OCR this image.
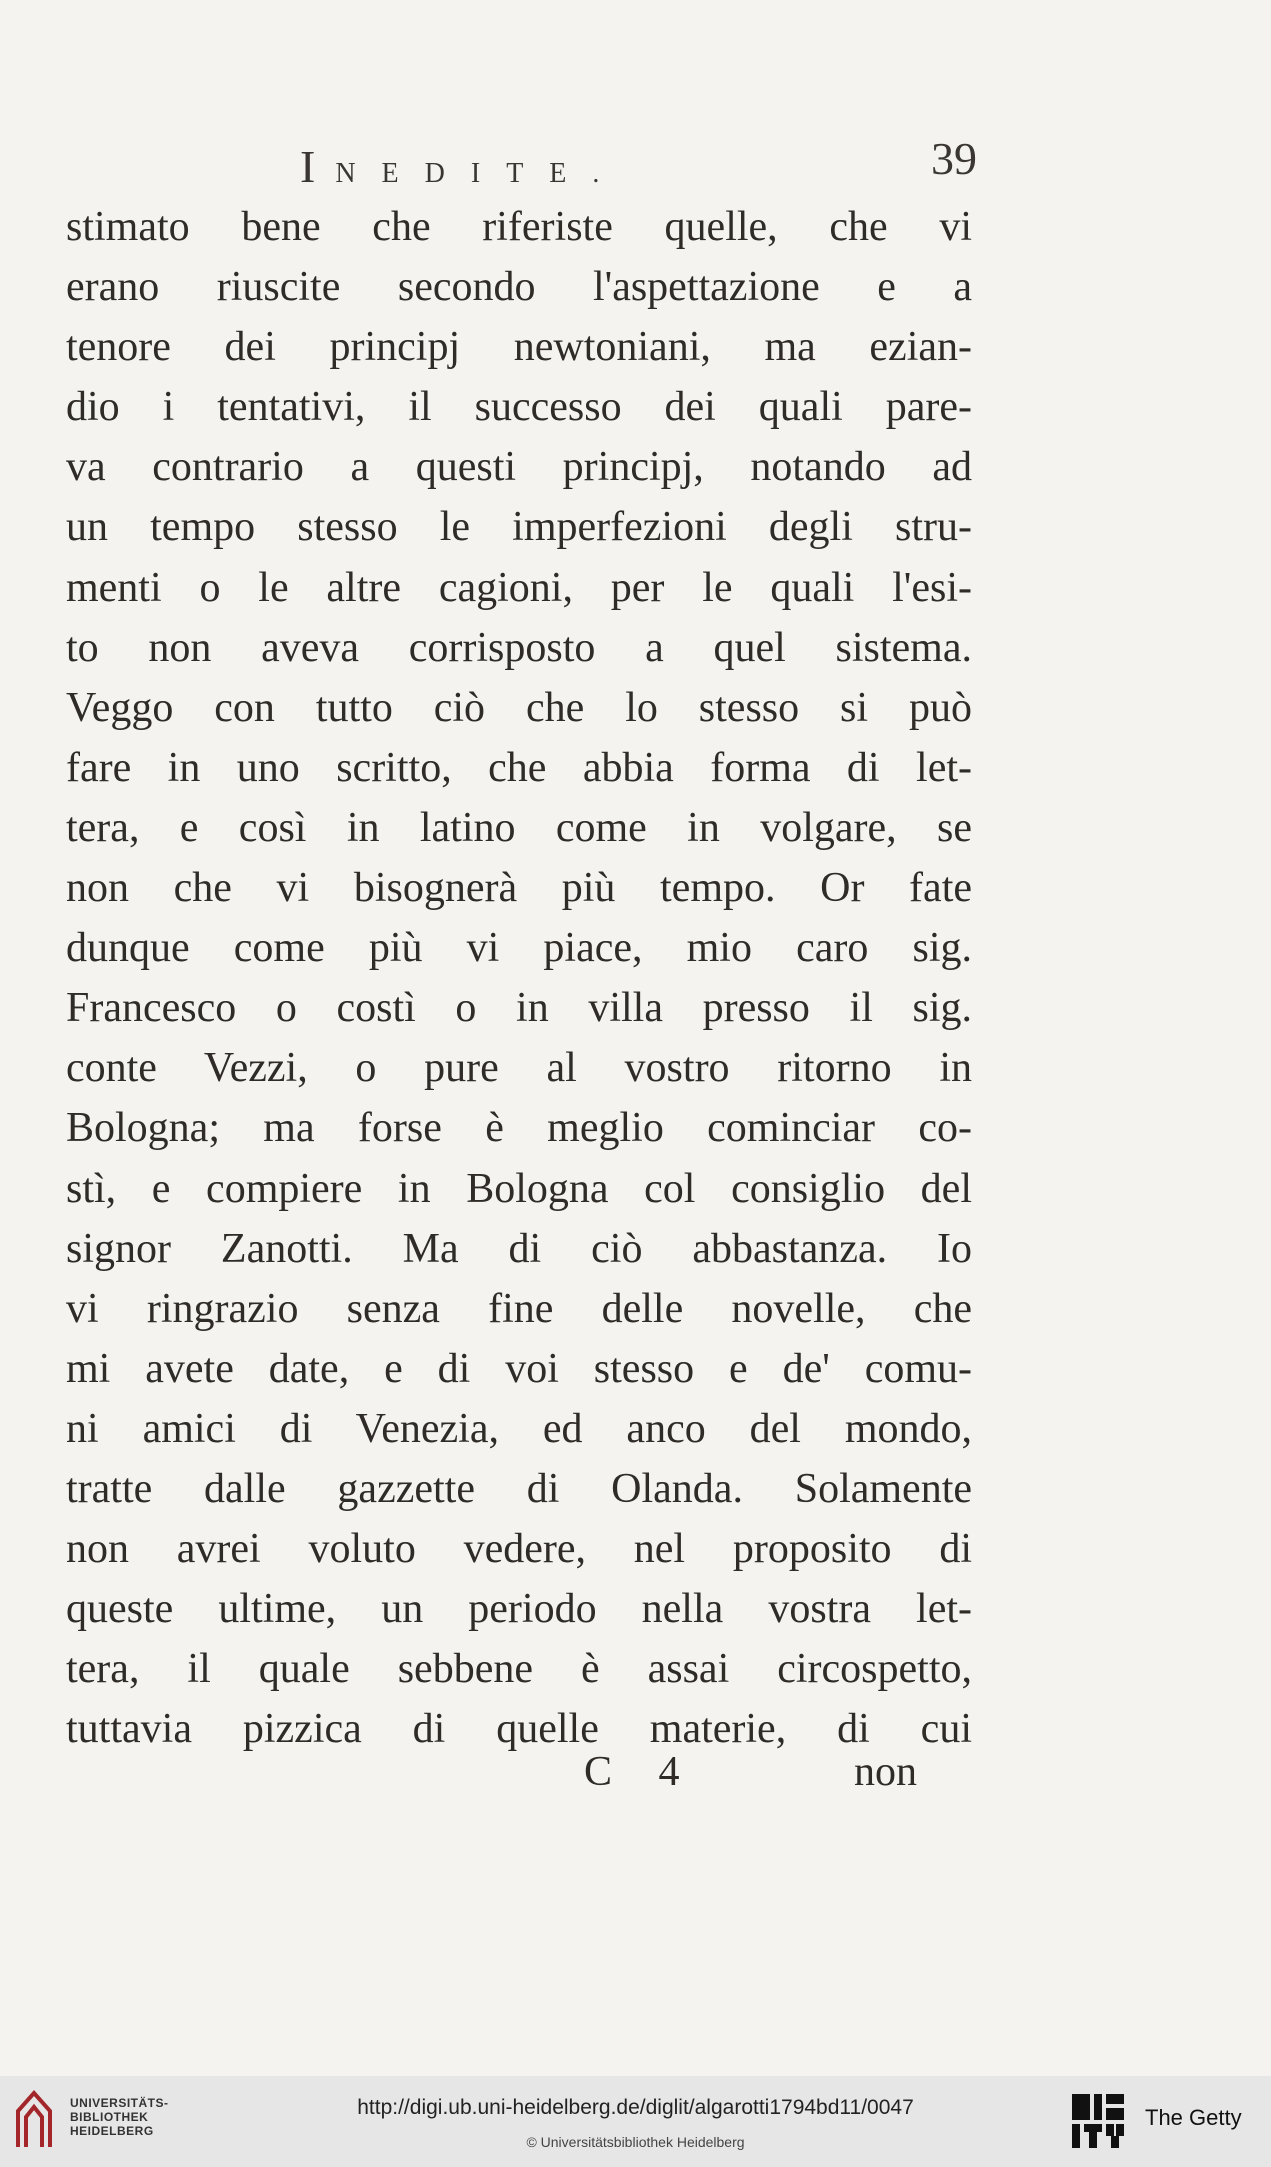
INEDITE.	39
stimato bene che riferiste quelle, che vi
erano riuscite secondo l'aspettazione e a
tenore dei principj newtoniani, ma ezian-
dio i tentativi, il successo dei quali pare-
va contrario a questi principj, notando ad
un tempo stesso le imperfezioni degli stru-
menti o le altre cagioni, per le quali l'esi-
to non aveva corrisposto a quel sistema.
Veggo con tutto ciò che lo stesso si può
fare in uno scritto, che abbia forma di let-
tera, e così in latino come in volgare, se
non che vi bisognerà più tempo. Or fate
dunque come più vi piace, mio caro sig.
Francesco o costì o in villa presso il sig.
conte Vezzi, o pure al vostro ritorno in
Bologna; ma forse è meglio cominciar co-
stì, e compiere in Bologna col consiglio del
signor Zanotti. Ma di ciò abbastanza. Io
vi ringrazio senza fine delle novelle, che
mi avete date, e di voi stesso e de' comu-
ni amici di Venezia, ed anco del mondo,
tratte dalle gazzette di Olanda. Solamente
non avrei voluto vedere, nel proposito di
queste ultime, un periodo nella vostra let-
tera, il quale sebbene è assai circospetto,
tuttavia pizzica di quelle materie, di cui
C 4	non
UNIVERSITÄTS-
BIBLIOTHEK
HEIDELBERG
http://digi.ub.uni-heidelberg.de/diglit/algarotti1794bd11/0047
© Universitätsbibliothek Heidelberg
The Getty
